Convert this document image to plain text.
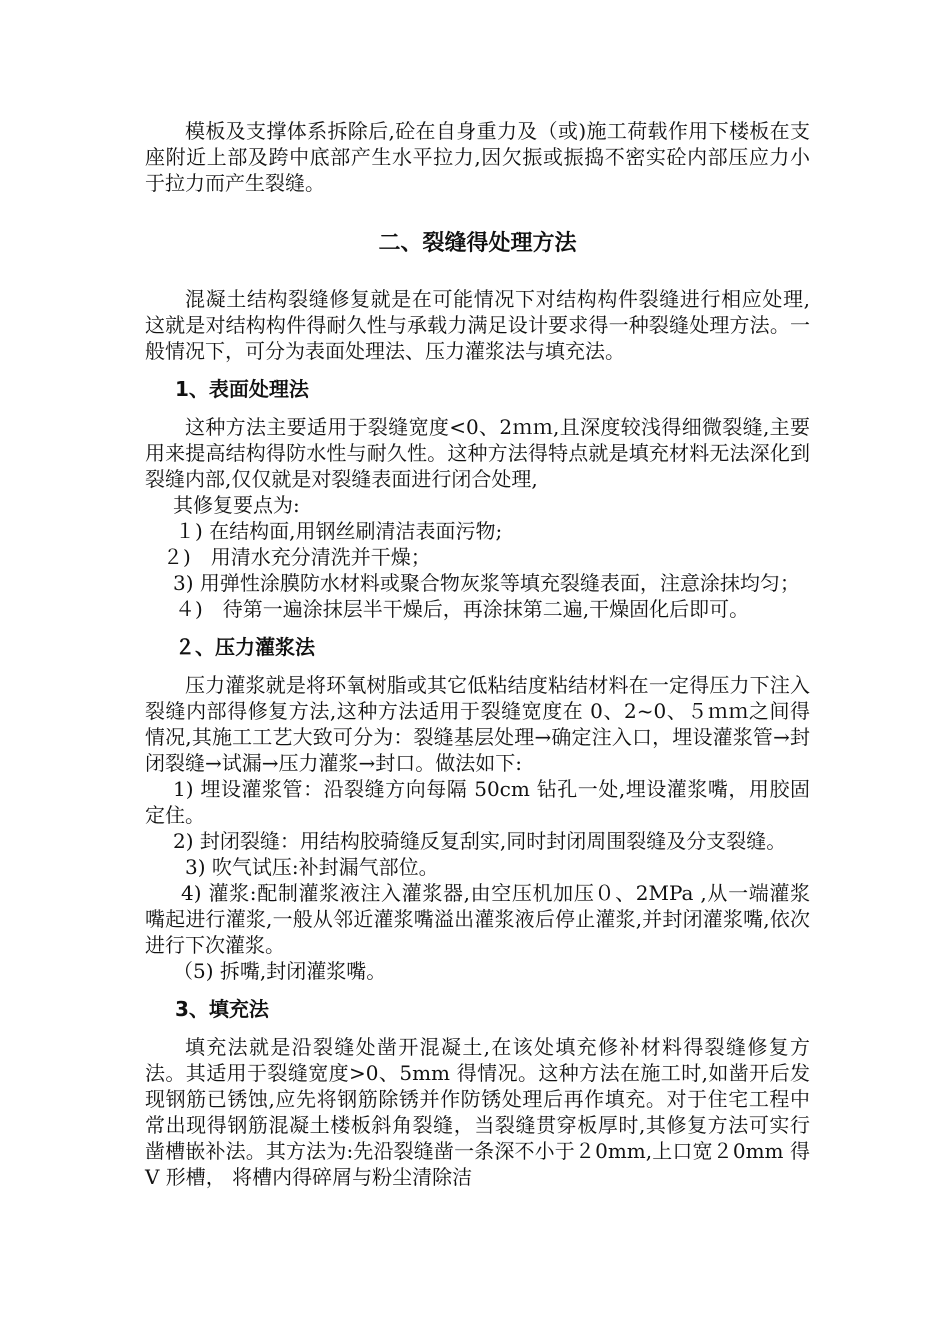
模板及支撑体系拆除后,砼在自身重力及（或)施工荷载作用下楼板在支座附近上部及跨中底部产生水平拉力,因欠振或振捣不密实砼内部压应力小于拉力而产生裂缝。

二、裂缝得处理方法

混凝土结构裂缝修复就是在可能情况下对结构构件裂缝进行相应处理,这就是对结构构件得耐久性与承载力满足设计要求得一种裂缝处理方法。一般情况下，可分为表面处理法、压力灌浆法与填充法。

1、表面处理法

这种方法主要适用于裂缝宽度<0、2ｍｍ,且深度较浅得细微裂缝,主要用来提高结构得防水性与耐久性。这种方法得特点就是填充材料无法深化到裂缝内部,仅仅就是对裂缝表面进行闭合处理,

其修复要点为:

１) 在结构面,用钢丝刷清洁表面污物;

２)　用清水充分清洗并干燥；

3) 用弹性涂膜防水材料或聚合物灰浆等填充裂缝表面，注意涂抹均匀；

４)　待第一遍涂抹层半干燥后，再涂抹第二遍,干燥固化后即可。

２、压力灌浆法

压力灌浆就是将环氧树脂或其它低粘结度粘结材料在一定得压力下注入裂缝内部得修复方法,这种方法适用于裂缝宽度在 0、2~0、５ｍｍ之间得情况,其施工工艺大致可分为：裂缝基层处理→确定注入口，埋设灌浆管→封闭裂缝→试漏→压力灌浆→封口。做法如下:

1) 埋设灌浆管：沿裂缝方向每隔 50cm 钻孔一处,埋设灌浆嘴，用胶固定住。

2) 封闭裂缝：用结构胶骑缝反复刮实,同时封闭周围裂缝及分支裂缝。

3) 吹气试压:补封漏气部位。

4) 灌浆:配制灌浆液注入灌浆器,由空压机加压０、2MPa ,从一端灌浆嘴起进行灌浆,一般从邻近灌浆嘴溢出灌浆液后停止灌浆,并封闭灌浆嘴,依次进行下次灌浆。

（5) 拆嘴,封闭灌浆嘴。

3、填充法

填充法就是沿裂缝处凿开混凝土,在该处填充修补材料得裂缝修复方法。其适用于裂缝宽度>0、5mm 得情况。这种方法在施工时,如凿开后发现钢筋已锈蚀,应先将钢筋除锈并作防锈处理后再作填充。对于住宅工程中常出现得钢筋混凝土楼板斜角裂缝，当裂缝贯穿板厚时,其修复方法可实行凿槽嵌补法。其方法为:先沿裂缝凿一条深不小于２0mm,上口宽２0mm 得 V 形槽， 将槽内得碎屑与粉尘清除洁
